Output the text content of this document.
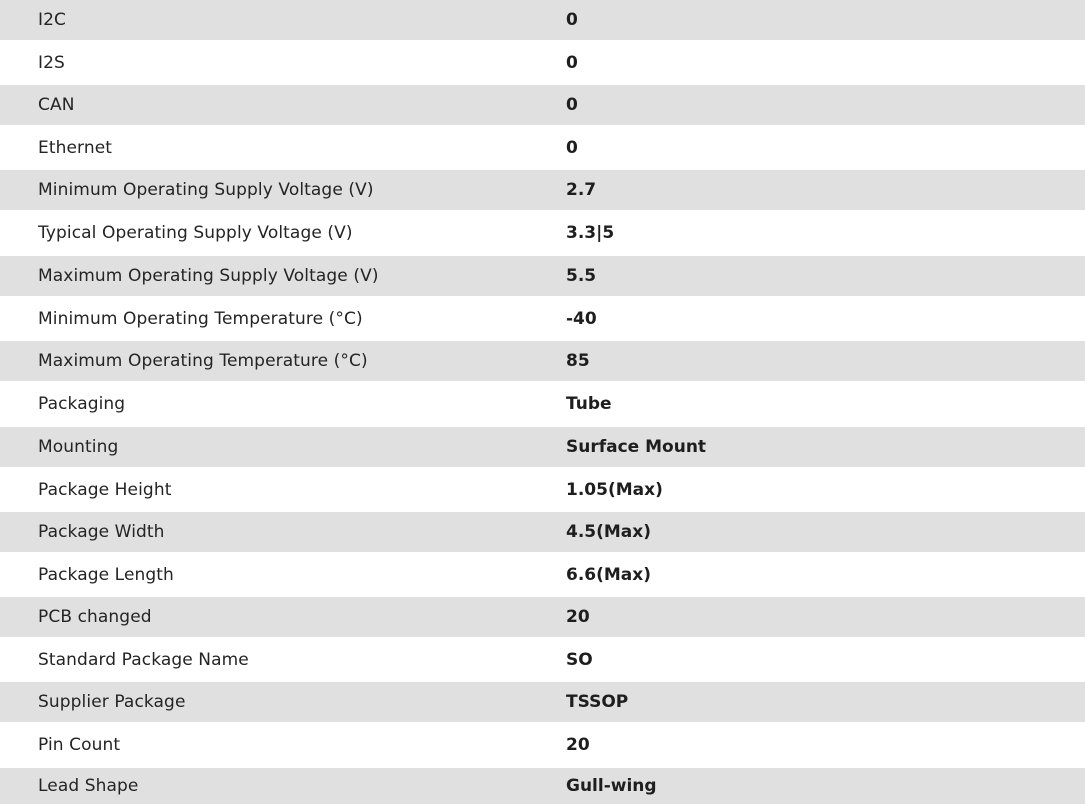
I2C	0
I2S	0
CAN	0
Ethernet	0
Minimum Operating Supply Voltage (V)	2.7
Typical Operating Supply Voltage (V)	3.3|5
Maximum Operating Supply Voltage (V)	5.5
Minimum Operating Temperature (°C)	-40
Maximum Operating Temperature (°C)	85
Packaging	Tube
Mounting	Surface Mount
Package Height	1.05(Max)
Package Width	4.5(Max)
Package Length	6.6(Max)
PCB changed	20
Standard Package Name	SO
Supplier Package	TSSOP
Pin Count	20
Lead Shape	Gull-wing
